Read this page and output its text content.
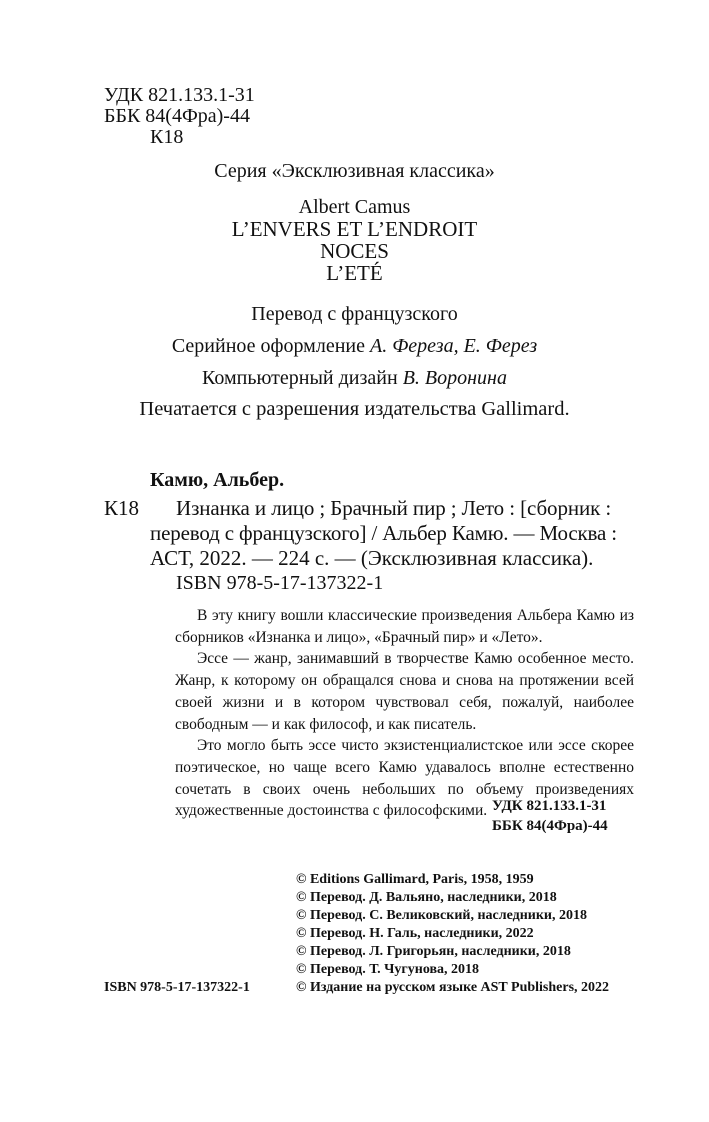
УДК 821.133.1-31
ББК 84(4Фра)-44
К18
Серия «Эксклюзивная классика»
Albert Camus
L’ENVERS ET L’ENDROIT
NOCES
L’ETÉ
Перевод с французского
Серийное оформление А. Фереза, Е. Ферез
Компьютерный дизайн В. Воронина
Печатается с разрешения издательства Gallimard.
Камю, Альбер.
К18 Изнанка и лицо ; Брачный пир ; Лето : [сборник :
перевод с французского] / Альбер Камю. — Москва :
АСТ, 2022. — 224 с. — (Эксклюзивная классика).
ISBN 978-5-17-137322-1

В эту книгу вошли классические произведения Альбера Камю из сборников «Изнанка и лицо», «Брачный пир» и «Лето».

Эссе — жанр, занимавший в творчестве Камю особенное место. Жанр, к которому он обращался снова и снова на протяжении всей своей жизни и в котором чувствовал себя, пожалуй, наиболее свободным — и как философ, и как писатель.

Это могло быть эссе чисто экзистенциалистское или эссе скорее поэтическое, но чаще всего Камю удавалось вполне естественно сочетать в своих очень небольших по объему произведениях художественные достоинства с философскими. УДК 821.133.1-31
ББК 84(4Фра)-44
ISBN 978-5-17-137322-1
© Editions Gallimard, Paris, 1958, 1959
© Перевод. Д. Вальяно, наследники, 2018
© Перевод. С. Великовский, наследники, 2018
© Перевод. Н. Галь, наследники, 2022
© Перевод. Л. Григорьян, наследники, 2018
© Перевод. Т. Чугунова, 2018
© Издание на русском языке AST Publishers, 2022
